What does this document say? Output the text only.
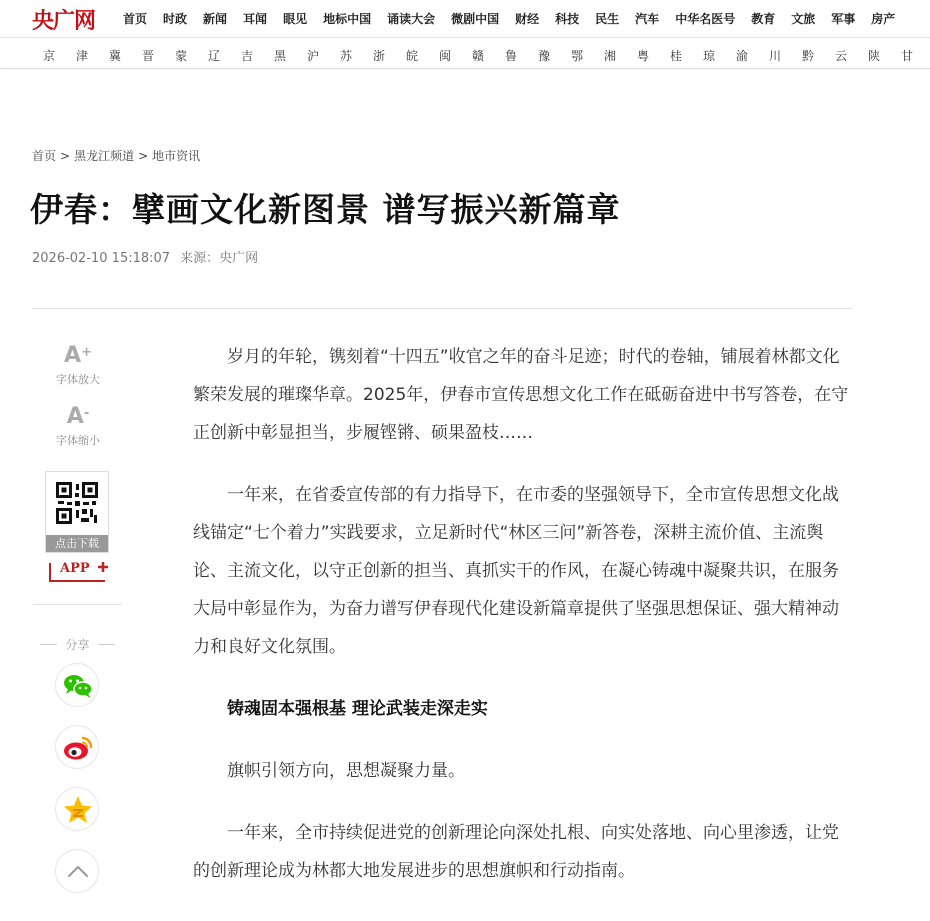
央广网 首页 时政 新闻 耳闻 眼见 地标中国 诵读大会 微剧中国 财经 科技 民生 汽车 中华名医号 教育 文旅 军事 房产
京	津	冀	晋	蒙	辽	吉	黑	沪	苏	浙	皖	闽	赣	鲁	豫	鄂	湘	粤	桂	琼	渝	川	黔	云	陕	甘
首页 > 黑龙江频道 > 地市资讯
伊春：擘画文化新图景 谱写振兴新篇章
2026-02-10 15:18:07 来源：央广网
A+
字体放大
A-
字体缩小
点击下载
APP
分享

岁月的年轮，镌刻着“十四五”收官之年的奋斗足迹；时代的卷轴，铺展着林都文化繁荣发展的璀璨华章。2025年，伊春市宣传思想文化工作在砥砺奋进中书写答卷，在守正创新中彰显担当，步履铿锵、硕果盈枝……

一年来，在省委宣传部的有力指导下，在市委的坚强领导下，全市宣传思想文化战线锚定“七个着力”实践要求，立足新时代“林区三问”新答卷，深耕主流价值、主流舆论、主流文化，以守正创新的担当、真抓实干的作风，在凝心铸魂中凝聚共识，在服务大局中彰显作为，为奋力谱写伊春现代化建设新篇章提供了坚强思想保证、强大精神动力和良好文化氛围。

铸魂固本强根基 理论武装走深走实

旗帜引领方向，思想凝聚力量。

一年来，全市持续促进党的创新理论向深处扎根、向实处落地、向心里渗透，让党的创新理论成为林都大地发展进步的思想旗帜和行动指南。
